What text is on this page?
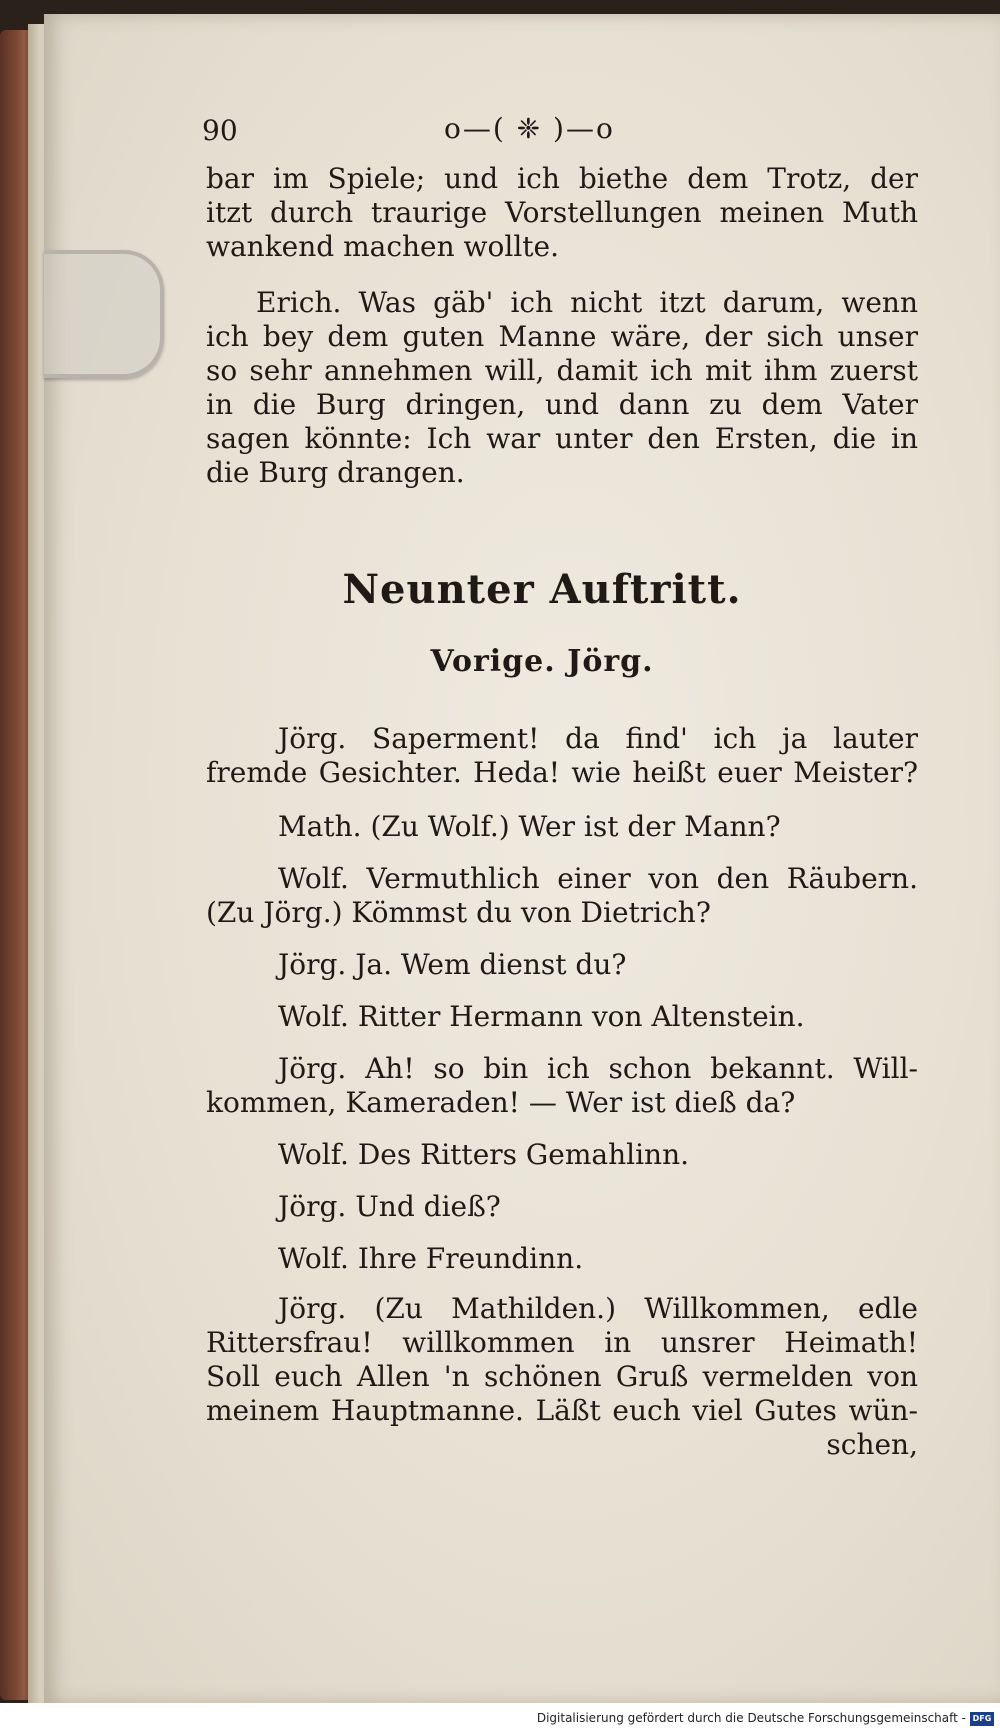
90	o—( ❈ )—o
bar im Spiele; und ich biethe dem Trotz, der
itzt durch traurige Vorstellungen meinen Muth
wankend machen wollte.
Erich. Was gäb' ich nicht itzt darum, wenn
ich bey dem guten Manne wäre, der sich unser
so sehr annehmen will, damit ich mit ihm zuerst
in die Burg dringen, und dann zu dem Vater
sagen könnte: Ich war unter den Ersten, die in
die Burg drangen.
Neunter Auftritt.
Vorige. Jörg.
Jörg. Saperment! da find' ich ja lauter
fremde Gesichter. Heda! wie heißt euer Meister?
Math. (Zu Wolf.) Wer ist der Mann?
Wolf. Vermuthlich einer von den Räubern.
(Zu Jörg.) Kömmst du von Dietrich?
Jörg. Ja. Wem dienst du?
Wolf. Ritter Hermann von Altenstein.
Jörg. Ah! so bin ich schon bekannt. Will-
kommen, Kameraden! — Wer ist dieß da?
Wolf. Des Ritters Gemahlinn.
Jörg. Und dieß?
Wolf. Ihre Freundinn.
Jörg. (Zu Mathilden.) Willkommen, edle
Rittersfrau! willkommen in unsrer Heimath!
Soll euch Allen 'n schönen Gruß vermelden von
meinem Hauptmanne. Läßt euch viel Gutes wün-
schen,
Digitalisierung gefördert durch die Deutsche Forschungsgemeinschaft - DFG
